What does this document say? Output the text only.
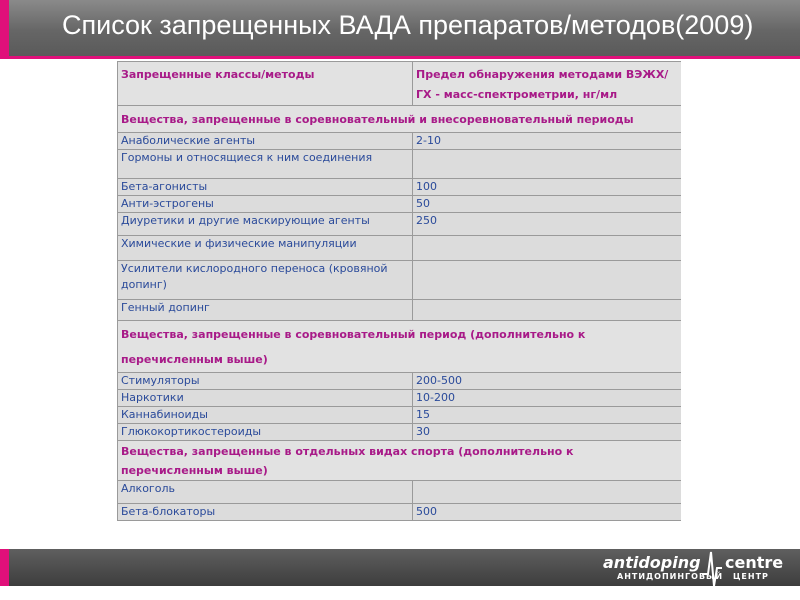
Список запрещенных ВАДА препаратов/методов(2009)
Запрещенные классы/методы	Предел обнаружения методами ВЭЖХ/ГХ - масс-спектрометрии, нг/мл
Вещества, запрещенные в соревновательный и внесоревновательный периоды	
Анаболические агенты	2-10
Гормоны и относящиеся к ним соединения	
Бета-агонисты	100
Анти-эстрогены	50
Диуретики и другие маскирующие агенты	250
Химические и физические манипуляции	
Усилители кислородного переноса (кровяной допинг)	
Генный допинг	
Вещества, запрещенные в соревновательный период (дополнительно к перечисленным выше)	
Стимуляторы	200-500
Наркотики	10-200
Каннабиноиды	15
Глюкокортикостероиды	30
Вещества, запрещенные в отдельных видах спорта (дополнительно к перечисленным выше)	
Алкоголь	
Бета-блокаторы	500
antidoping centre
АНТИДОПИНГОВЫЙ ЦЕНТР
